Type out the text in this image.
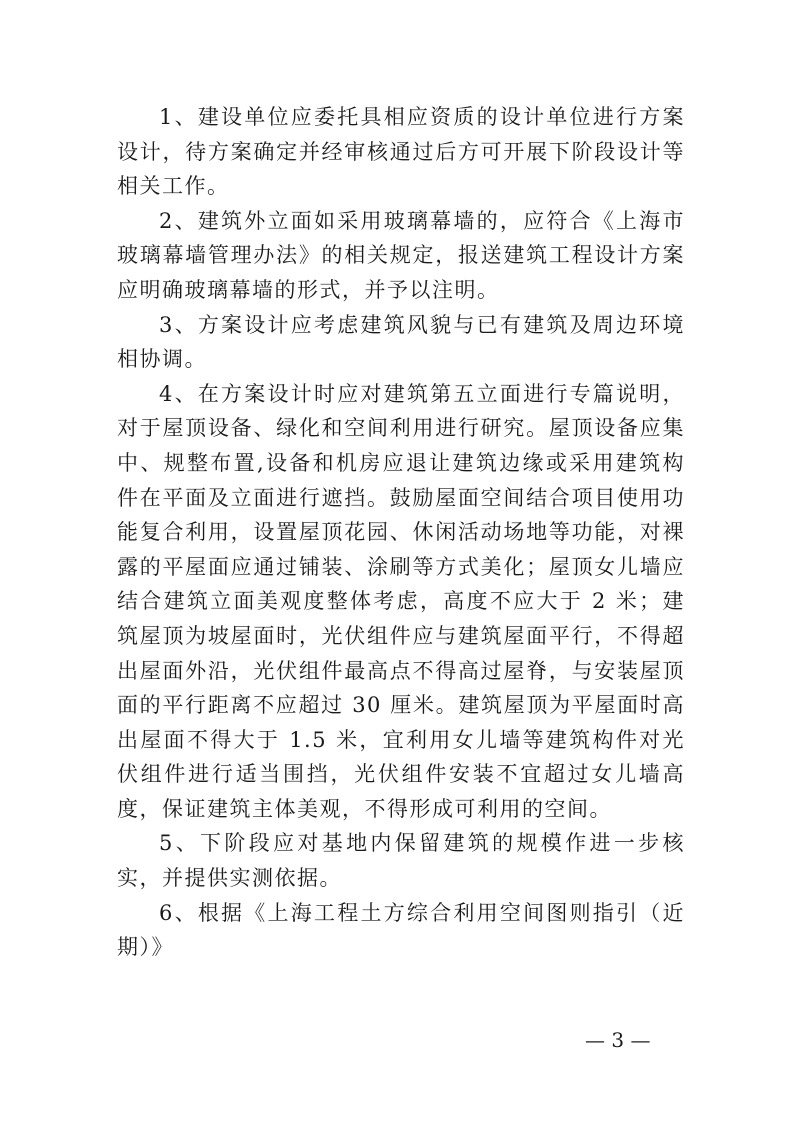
1、建设单位应委托具相应资质的设计单位进行方案设计，待方案确定并经审核通过后方可开展下阶段设计等相关工作。

2、建筑外立面如采用玻璃幕墙的，应符合《上海市玻璃幕墙管理办法》的相关规定，报送建筑工程设计方案应明确玻璃幕墙的形式，并予以注明。

3、方案设计应考虑建筑风貌与已有建筑及周边环境相协调。

4、在方案设计时应对建筑第五立面进行专篇说明，对于屋顶设备、绿化和空间利用进行研究。屋顶设备应集中、规整布置,设备和机房应退让建筑边缘或采用建筑构件在平面及立面进行遮挡。鼓励屋面空间结合项目使用功能复合利用，设置屋顶花园、休闲活动场地等功能，对裸露的平屋面应通过铺装、涂刷等方式美化；屋顶女儿墙应结合建筑立面美观度整体考虑，高度不应大于 2 米；建筑屋顶为坡屋面时，光伏组件应与建筑屋面平行，不得超出屋面外沿，光伏组件最高点不得高过屋脊，与安装屋顶面的平行距离不应超过 30 厘米。建筑屋顶为平屋面时高出屋面不得大于 1.5 米，宜利用女儿墙等建筑构件对光伏组件进行适当围挡，光伏组件安装不宜超过女儿墙高度，保证建筑主体美观，不得形成可利用的空间。

5、下阶段应对基地内保留建筑的规模作进一步核实，并提供实测依据。

6、根据《上海工程土方综合利用空间图则指引（近期）》

— 3 —
